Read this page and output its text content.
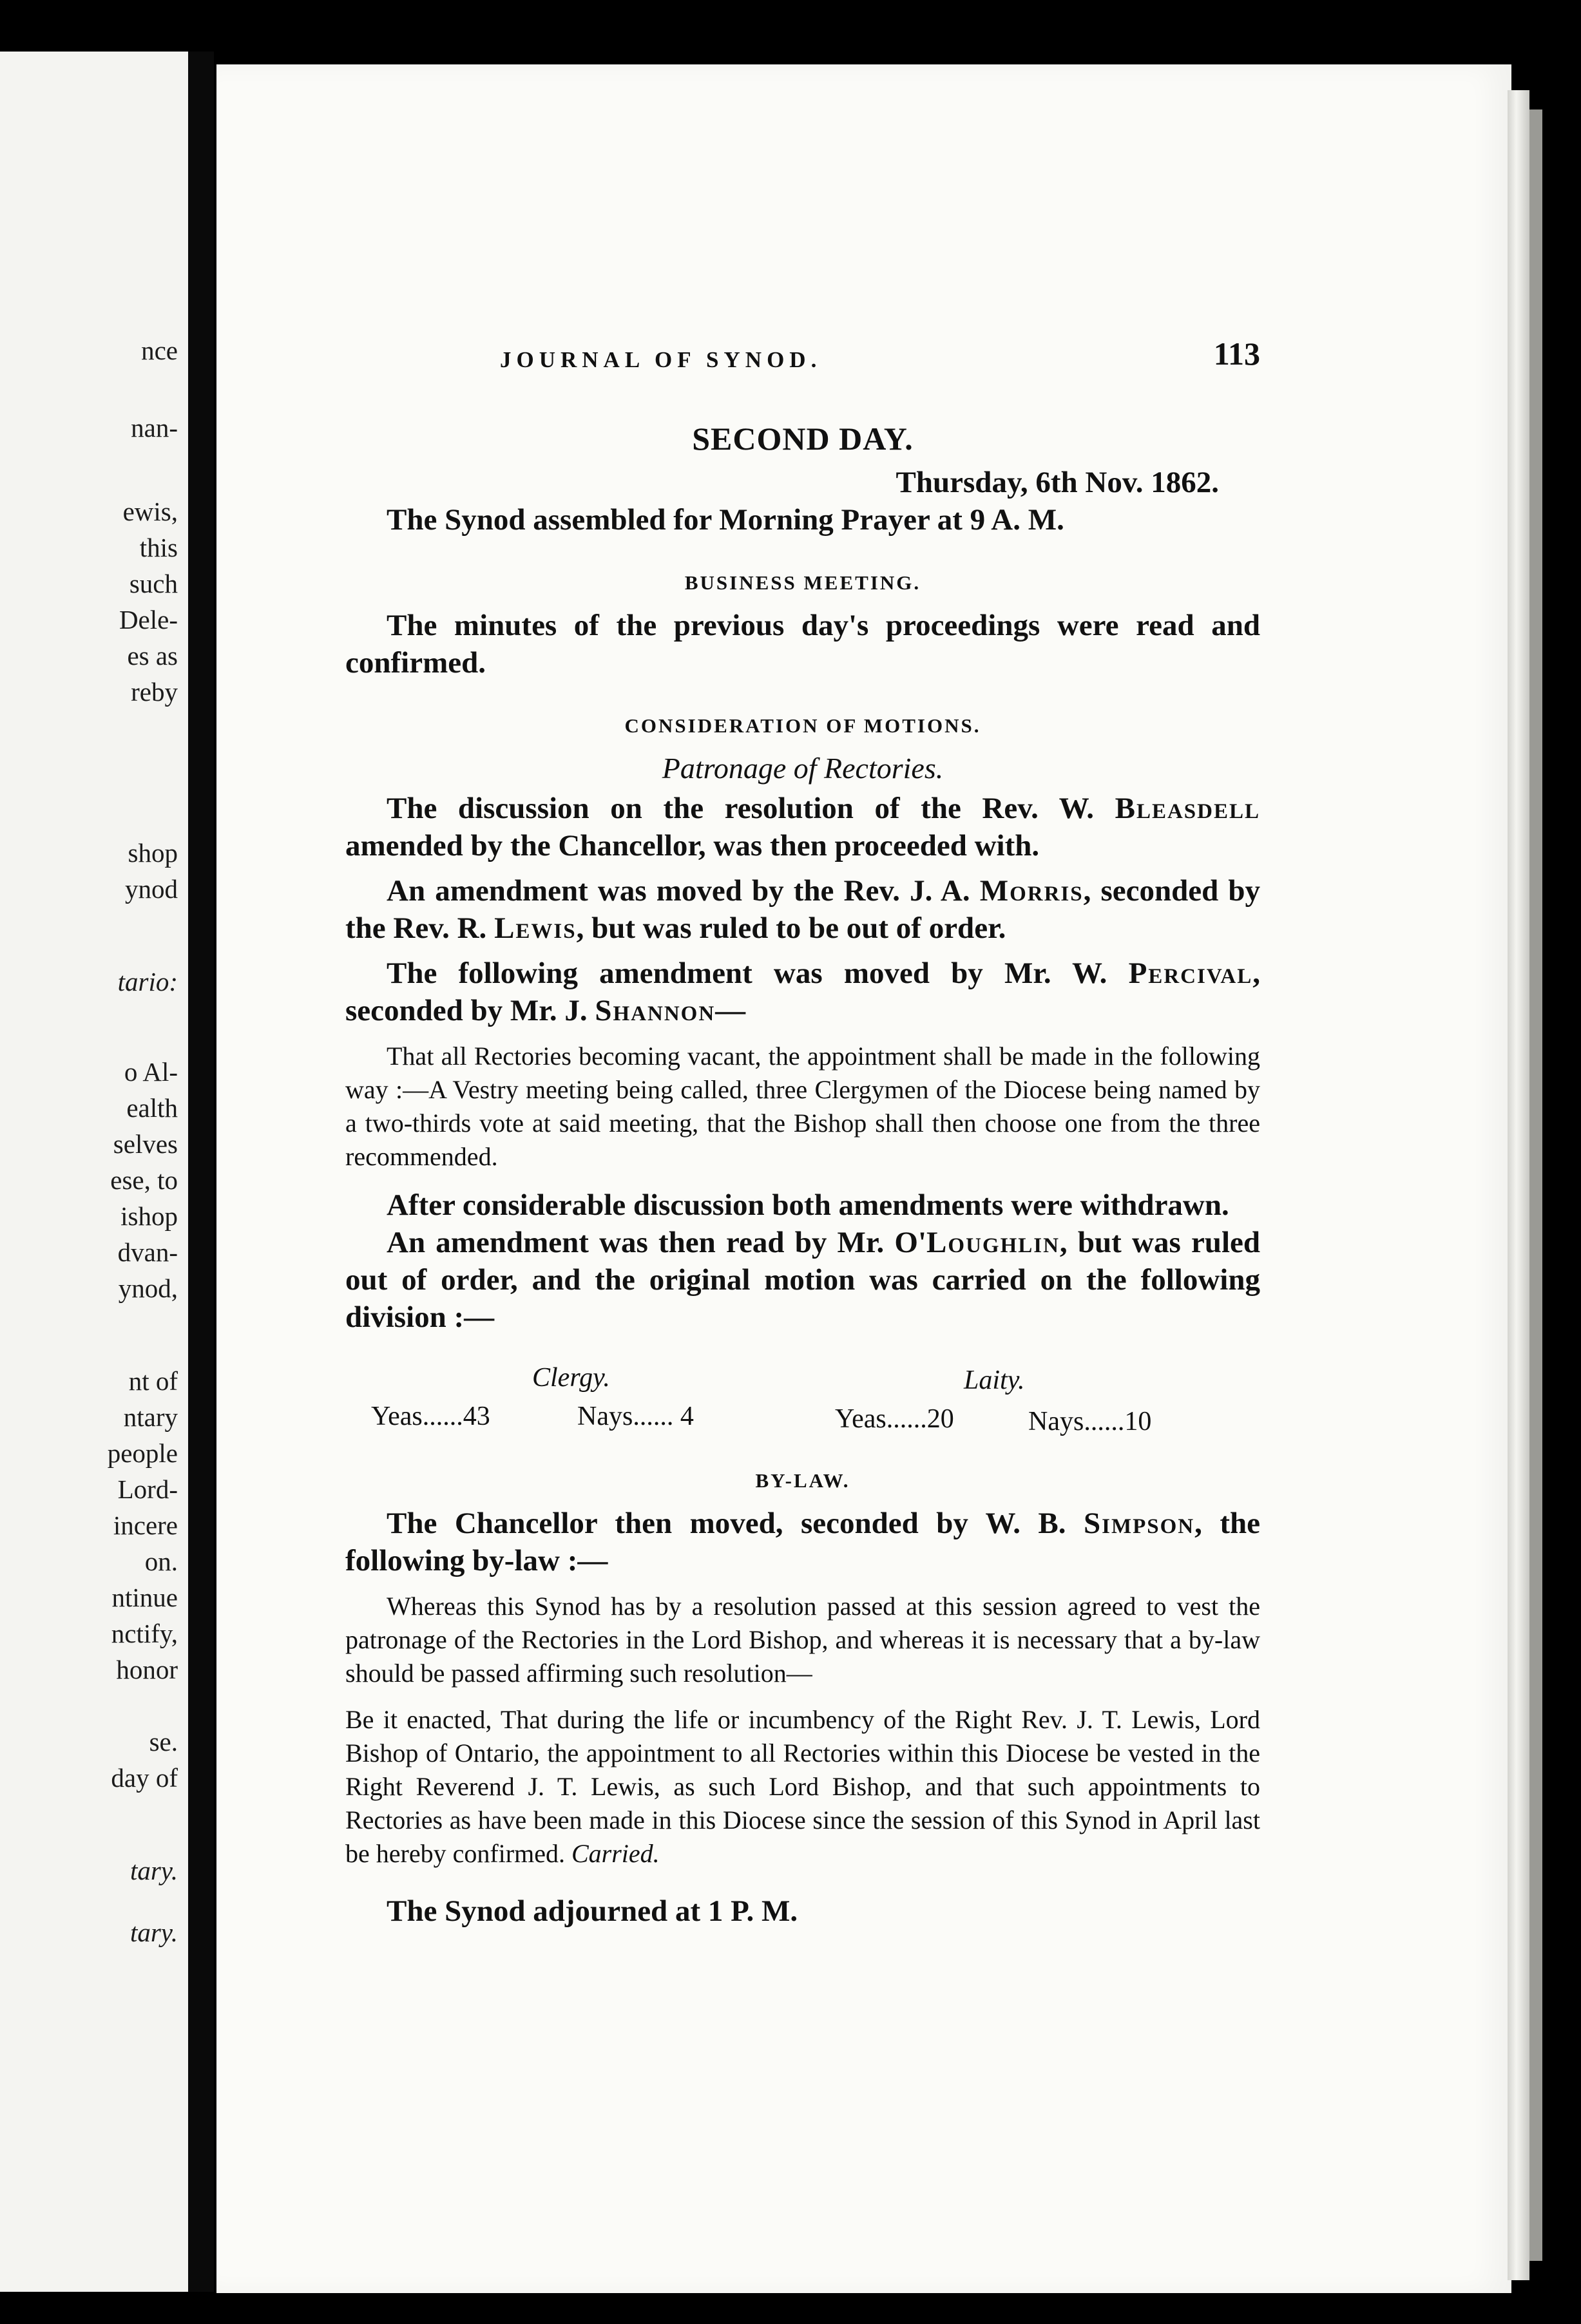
nce

nan-

ewis,

this

such

Dele-

es as

reby

shop

ynod

tario:

o Al-

ealth

selves

ese, to

ishop

dvan-

ynod,

nt of

ntary

people

Lord-

incere

on.

ntinue

nctify,

honor

se.

day of

tary.

tary.

JOURNAL OF SYNOD.	113
SECOND DAY.
Thursday, 6th Nov. 1862.

The Synod assembled for Morning Prayer at 9 A. M.

BUSINESS MEETING.

The minutes of the previous day's proceedings were read and confirmed.

CONSIDERATION OF MOTIONS.
Patronage of Rectories.

The discussion on the resolution of the Rev. W. Bleasdell amended by the Chancellor, was then proceeded with.

An amendment was moved by the Rev. J. A. Morris, seconded by the Rev. R. Lewis, but was ruled to be out of order.

The following amendment was moved by Mr. W. Percival, seconded by Mr. J. Shannon—

That all Rectories becoming vacant, the appointment shall be made in the following way :—A Vestry meeting being called, three Clergymen of the Diocese being named by a two-thirds vote at said meeting, that the Bishop shall then choose one from the three recommended.

After considerable discussion both amendments were withdrawn.

An amendment was then read by Mr. O'Loughlin, but was ruled out of order, and the original motion was carried on the following division :—

Clergy.	Laity.
Yeas......43	Nays...... 4	Yeas......20	Nays......10
BY-LAW.

The Chancellor then moved, seconded by W. B. Simpson, the following by-law :—

Whereas this Synod has by a resolution passed at this session agreed to vest the patronage of the Rectories in the Lord Bishop, and whereas it is necessary that a by-law should be passed affirming such resolution—

Be it enacted, That during the life or incumbency of the Right Rev. J. T. Lewis, Lord Bishop of Ontario, the appointment to all Rectories within this Diocese be vested in the Right Reverend J. T. Lewis, as such Lord Bishop, and that such appointments to Rectories as have been made in this Diocese since the session of this Synod in April last be hereby confirmed. Carried.

The Synod adjourned at 1 P. M.
